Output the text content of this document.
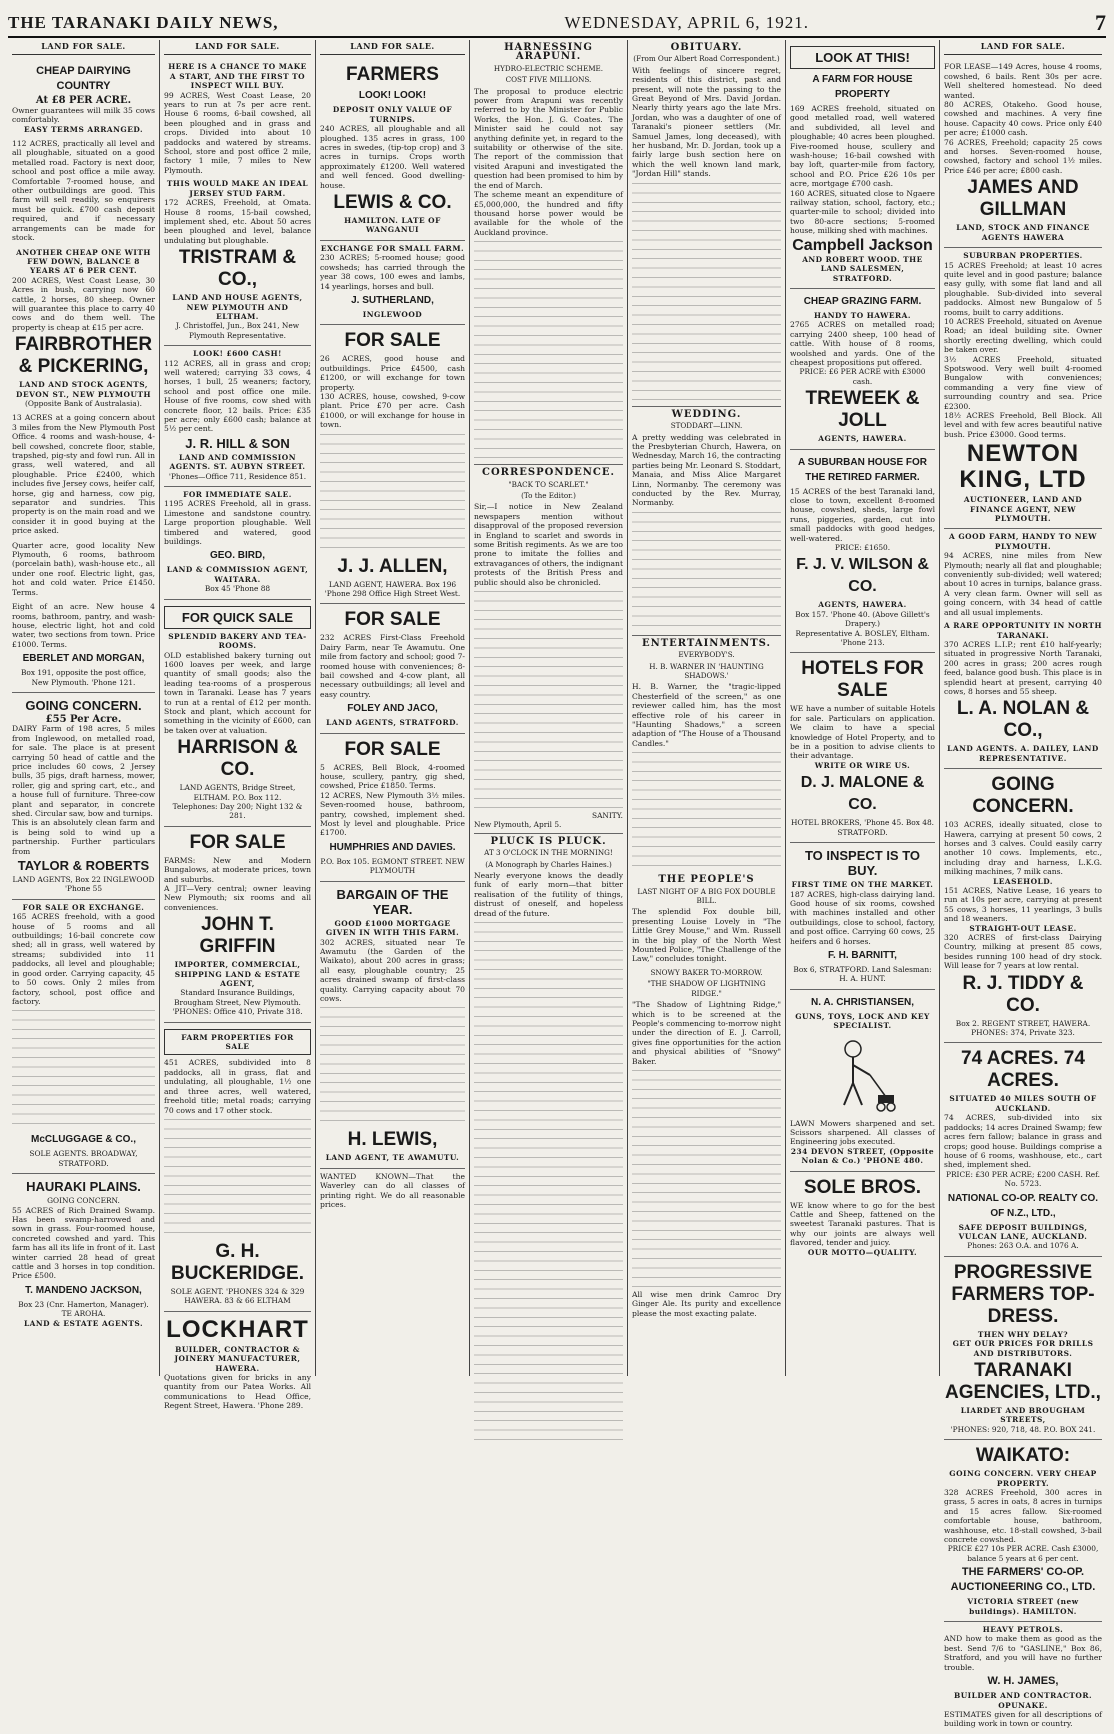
THE TARANAKI DAILY NEWS,	WEDNESDAY, APRIL 6, 1921.	7
LAND FOR SALE.
CHEAP DAIRYING COUNTRY
At £8 PER ACRE.

Owner guarantees will milk 35 cows comfortably.

EASY TERMS ARRANGED.

112 ACRES, practically all level and all ploughable, situated on a good metalled road. Factory is next door, school and post office a mile away. Comfortable 7-roomed house, and other outbuildings are good. This farm will sell readily, so enquirers must be quick. £700 cash deposit required, and if necessary arrangements can be made for stock.

ANOTHER CHEAP ONE WITH FEW DOWN, BALANCE 8 YEARS AT 6 PER CENT.

200 ACRES, West Coast Lease, 30 Acres in bush, carrying now 60 cattle, 2 horses, 80 sheep. Owner will guarantee this place to carry 40 cows and do them well. The property is cheap at £15 per acre.

FAIRBROTHER & PICKERING,
LAND AND STOCK AGENTS, DEVON ST., NEW PLYMOUTH
(Opposite Bank of Australasia).

13 ACRES at a going concern about 3 miles from the New Plymouth Post Office. 4 rooms and wash-house, 4-bell cowshed, concrete floor, stable, trapshed, pig-sty and fowl run. All in grass, well watered, and all ploughable. Price £2400, which includes five Jersey cows, heifer calf, horse, gig and harness, cow pig, separator and sundries. This property is on the main road and we consider it in good buying at the price asked.

Quarter acre, good locality New Plymouth, 6 rooms, bathroom (porcelain bath), wash-house etc., all under one roof. Electric light, gas, hot and cold water. Price £1450. Terms.

Eight of an acre. New house 4 rooms, bathroom, pantry, and wash-house, electric light, hot and cold water, two sections from town. Price £1000. Terms.

EBERLET AND MORGAN,
Box 191, opposite the post office, New Plymouth. 'Phone 121.
GOING CONCERN.
£55 Per Acre.

DAIRY Farm of 198 acres, 5 miles from Inglewood, on metalled road, for sale. The place is at present carrying 50 head of cattle and the price includes 60 cows, 2 Jersey bulls, 35 pigs, draft harness, mower, roller, gig and spring cart, etc., and a house full of furniture. Three-cow plant and separator, in concrete shed. Circular saw, bow and turnips.

This is an absolutely clean farm and is being sold to wind up a partnership. Further particulars from

TAYLOR & ROBERTS
LAND AGENTS, Box 22 INGLEWOOD 'Phone 55
FOR SALE OR EXCHANGE.

165 ACRES freehold, with a good house of 5 rooms and all outbuildings; 16-bail concrete cow shed; all in grass, well watered by streams; subdivided into 11 paddocks, all level and ploughable; in good order. Carrying capacity, 45 to 50 cows. Only 2 miles from factory, school, post office and factory.

McCLUGGAGE & CO.,
SOLE AGENTS. BROADWAY, STRATFORD.
HAURAKI PLAINS.
GOING CONCERN.

55 ACRES of Rich Drained Swamp. Has been swamp-harrowed and sown in grass. Four-roomed house, concreted cowshed and yard. This farm has all its life in front of it. Last winter carried 28 head of great cattle and 3 horses in top condition. Price £500.

T. MANDENO JACKSON,
Box 23 (Cnr. Hamerton, Manager). TE AROHA.
LAND & ESTATE AGENTS.
LAND FOR SALE.
HERE IS A CHANCE TO MAKE A START, AND THE FIRST TO INSPECT WILL BUY.

99 ACRES, West Coast Lease, 20 years to run at 7s per acre rent. House 6 rooms, 6-bail cowshed, all been ploughed and in grass and crops. Divided into about 10 paddocks and watered by streams. School, store and post office 2 mile, factory 1 mile, 7 miles to New Plymouth.

THIS WOULD MAKE AN IDEAL JERSEY STUD FARM.

172 ACRES, Freehold, at Omata. House 8 rooms, 15-bail cowshed, implement shed, etc. About 50 acres been ploughed and level, balance undulating but ploughable.

TRISTRAM & CO.,
LAND AND HOUSE AGENTS, NEW PLYMOUTH AND ELTHAM.
J. Christoffel, Jun., Box 241, New Plymouth Representative.
LOOK! £600 CASH!

112 ACRES, all in grass and crop; well watered; carrying 33 cows, 4 horses, 1 bull, 25 weaners; factory, school and post office one mile. House of five rooms, cow shed with concrete floor, 12 bails. Price: £35 per acre; only £600 cash; balance at 5½ per cent.

J. R. HILL & SON
LAND AND COMMISSION AGENTS. ST. AUBYN STREET.
'Phones—Office 711, Residence 851.
FOR IMMEDIATE SALE.

1195 ACRES Freehold, all in grass. Limestone and sandstone country. Large proportion ploughable. Well timbered and watered, good buildings.

GEO. BIRD,
LAND & COMMISSION AGENT, WAITARA.
Box 45 'Phone 88
FOR QUICK SALE
SPLENDID BAKERY AND TEA-ROOMS.

OLD established bakery turning out 1600 loaves per week, and large quantity of small goods; also the leading tea-rooms of a prosperous town in Taranaki. Lease has 7 years to run at a rental of £12 per month. Stock and plant, which account for something in the vicinity of £600, can be taken over at valuation.

HARRISON & CO.
LAND AGENTS, Bridge Street, ELTHAM. P.O. Box 112.
Telephones: Day 200; Night 132 & 281.
FOR SALE

FARMS: New and Modern Bungalows, at moderate prices, town and suburbs.

A JIT—Very central; owner leaving New Plymouth; six rooms and all conveniences.

JOHN T. GRIFFIN
IMPORTER, COMMERCIAL, SHIPPING LAND & ESTATE AGENT,
Standard Insurance Buildings, Brougham Street, New Plymouth. 'PHONES: Office 410, Private 318.
FARM PROPERTIES FOR SALE

451 ACRES, subdivided into 8 paddocks, all in grass, flat and undulating, all ploughable, 1½ one and three acres, well watered, freehold title; metal roads; carrying 70 cows and 17 other stock.

G. H. BUCKERIDGE.
SOLE AGENT. 'PHONES 324 & 329 HAWERA. 83 & 66 ELTHAM
LOCKHART
BUILDER, CONTRACTOR & JOINERY MANUFACTURER, HAWERA.

Quotations given for bricks in any quantity from our Patea Works. All communications to Head Office, Regent Street, Hawera. 'Phone 289.

LAND FOR SALE.
FARMERS
LOOK! LOOK!
DEPOSIT ONLY VALUE OF TURNIPS.

240 ACRES, all ploughable and all ploughed. 135 acres in grass, 100 acres in swedes, (tip-top crop) and 3 acres in turnips. Crops worth approximately £1200. Well watered and well fenced. Good dwelling-house.

LEWIS & CO.
HAMILTON. LATE OF WANGANUI
EXCHANGE FOR SMALL FARM.

230 ACRES; 5-roomed house; good cowsheds; has carried through the year 38 cows, 100 ewes and lambs, 14 yearlings, horses and bull.

J. SUTHERLAND,
INGLEWOOD
FOR SALE

26 ACRES, good house and outbuildings. Price £4500, cash £1200, or will exchange for town property.

130 ACRES, house, cowshed, 9-cow plant. Price £70 per acre. Cash £1000, or will exchange for house in town.

J. J. ALLEN,
LAND AGENT, HAWERA. Box 196 'Phone 298 Office High Street West.
FOR SALE

232 ACRES First-Class Freehold Dairy Farm, near Te Awamutu. One mile from factory and school; good 7-roomed house with conveniences; 8-bail cowshed and 4-cow plant, all necessary outbuildings; all level and easy country.

FOLEY AND JACO,
LAND AGENTS, STRATFORD.
FOR SALE

5 ACRES, Bell Block, 4-roomed house, scullery, pantry, gig shed, cowshed, Price £1850. Terms.

12 ACRES, New Plymouth 3½ miles. Seven-roomed house, bathroom, pantry, cowshed, implement shed. Most ly level and ploughable. Price £1700.

HUMPHRIES AND DAVIES.
P.O. Box 105. EGMONT STREET. NEW PLYMOUTH
BARGAIN OF THE YEAR.
GOOD £1000 MORTGAGE GIVEN IN WITH THIS FARM.

302 ACRES, situated near Te Awamutu (the Garden of the Waikato), about 200 acres in grass; all easy, ploughable country; 25 acres drained swamp of first-class quality. Carrying capacity about 70 cows.

H. LEWIS,
LAND AGENT, TE AWAMUTU.

WANTED KNOWN—That the Waverley can do all classes of printing right. We do all reasonable prices.

HARNESSING ARAPUNI.
HYDRO-ELECTRIC SCHEME.
COST FIVE MILLIONS.

The proposal to produce electric power from Arapuni was recently referred to by the Minister for Public Works, the Hon. J. G. Coates. The Minister said he could not say anything definite yet, in regard to the suitability or otherwise of the site. The report of the commission that visited Arapuni and investigated the question had been promised to him by the end of March.

The scheme meant an expenditure of £5,000,000, the hundred and fifty thousand horse power would be available for the whole of the Auckland province.

CORRESPONDENCE.
"BACK TO SCARLET."
(To the Editor.)

Sir,—I notice in New Zealand newspapers mention without disapproval of the proposed reversion in England to scarlet and swords in some British regiments. As we are too prone to imitate the follies and extravagances of others, the indignant protests of the British Press and public should also be chronicled.

SANITY.
New Plymouth, April 5.
PLUCK IS PLUCK.
AT 3 O'CLOCK IN THE MORNING!
(A Monograph by Charles Haines.)

Nearly everyone knows the deadly funk of early morn—that bitter realisation of the futility of things, distrust of oneself, and hopeless dread of the future.

OBITUARY.
(From Our Albert Road Correspondent.)

With feelings of sincere regret, residents of this district, past and present, will note the passing to the Great Beyond of Mrs. David Jordan. Nearly thirty years ago the late Mrs. Jordan, who was a daughter of one of Taranaki's pioneer settlers (Mr. Samuel James, long deceased), with her husband, Mr. D. Jordan, took up a fairly large bush section here on which the well known land mark, "Jordan Hill" stands.

WEDDING.
STODDART—LINN.

A pretty wedding was celebrated in the Presbyterian Church, Hawera, on Wednesday, March 16, the contracting parties being Mr. Leonard S. Stoddart, Manaia, and Miss Alice Margaret Linn, Normanby. The ceremony was conducted by the Rev. Murray, Normanby.

ENTERTAINMENTS.
EVERYBODY'S.
H. B. WARNER IN 'HAUNTING SHADOWS.'

H. B. Warner, the "tragic-lipped Chesterfield of the screen," as one reviewer called him, has the most effective role of his career in "Haunting Shadows," a screen adaption of "The House of a Thousand Candles."

THE PEOPLE'S
LAST NIGHT OF A BIG FOX DOUBLE BILL.

The splendid Fox double bill, presenting Louise Lovely in "The Little Grey Mouse," and Wm. Russell in the big play of the North West Mounted Police, "The Challenge of the Law," concludes tonight.

SNOWY BAKER TO-MORROW.
"THE SHADOW OF LIGHTNING RIDGE."

"The Shadow of Lightning Ridge," which is to be screened at the People's commencing to-morrow night under the direction of E. J. Carroll, gives fine opportunities for the action and physical abilities of "Snowy" Baker.

All wise men drink Camroc Dry Ginger Ale. Its purity and excellence please the most exacting palate.

LOOK AT THIS!
A FARM FOR HOUSE PROPERTY

169 ACRES freehold, situated on good metalled road, well watered and subdivided, all level and ploughable; 40 acres been ploughed. Five-roomed house, scullery and wash-house; 16-bail cowshed with bay loft, quarter-mile from factory, school and P.O. Price £26 10s per acre, mortgage £700 cash.

160 ACRES, situated close to Ngaere railway station, school, factory, etc.; quarter-mile to school; divided into two 80-acre sections; 5-roomed house, milking shed with machines.

Campbell Jackson
AND ROBERT WOOD. THE LAND SALESMEN, STRATFORD.
CHEAP GRAZING FARM.
HANDY TO HAWERA.

2765 ACRES on metalled road; carrying 2400 sheep, 100 head of cattle. With house of 8 rooms, woolshed and yards. One of the cheapest propositions put offered.

PRICE: £6 PER ACRE with £3000 cash.
TREWEEK & JOLL
AGENTS, HAWERA.
A SUBURBAN HOUSE FOR THE RETIRED FARMER.

15 ACRES of the best Taranaki land, close to town, excellent 8-roomed house, cowshed, sheds, large fowl runs, piggeries, garden, cut into small paddocks with good hedges, well-watered.

PRICE: £1650.
F. J. V. WILSON & CO.
AGENTS, HAWERA.
Box 157. 'Phone 40. (Above Gillett's Drapery.)
Representative A. BOSLEY, Eltham. 'Phone 213.
HOTELS FOR SALE

WE have a number of suitable Hotels for sale. Particulars on application. We claim to have a special knowledge of Hotel Property, and to be in a position to advise clients to their advantage.

WRITE OR WIRE US.
D. J. MALONE & CO.
HOTEL BROKERS, 'Phone 45. Box 48. STRATFORD.
TO INSPECT IS TO BUY.
FIRST TIME ON THE MARKET.

187 ACRES, high-class dairying land. Good house of six rooms, cowshed with machines installed and other outbuildings, close to school, factory, and post office. Carrying 60 cows, 25 heifers and 6 horses.

F. H. BARNITT,
Box 6, STRATFORD. Land Salesman: H. A. HUNT.
N. A. CHRISTIANSEN,
GUNS, TOYS, LOCK AND KEY SPECIALIST.

LAWN Mowers sharpened and set. Scissors sharpened. All classes of Engineering jobs executed.

234 DEVON STREET, (Opposite Nolan & Co.) 'PHONE 480.
SOLE BROS.

WE know where to go for the best Cattle and Sheep, fattened on the sweetest Taranaki pastures. That is why our joints are always well flavored, tender and juicy.

OUR MOTTO—QUALITY.
LAND FOR SALE.

FOR LEASE—149 Acres, house 4 rooms, cowshed, 6 bails. Rent 30s per acre. Well sheltered homestead. No deed wanted.

80 ACRES, Otakeho. Good house, cowshed and machines. A very fine house. Capacity 40 cows. Price only £40 per acre; £1000 cash.

76 ACRES, Freehold; capacity 25 cows and horses. Seven-roomed house, cowshed, factory and school 1½ miles. Price £46 per acre; £800 cash.

JAMES AND GILLMAN
LAND, STOCK AND FINANCE AGENTS HAWERA
SUBURBAN PROPERTIES.

15 ACRES Freehold; at least 10 acres quite level and in good pasture; balance easy gully, with some flat land and all ploughable. Sub-divided into several paddocks. Almost new Bungalow of 5 rooms, built to carry additions.

10 ACRES Freehold, situated on Avenue Road; an ideal building site. Owner shortly erecting dwelling, which could be taken over.

3½ ACRES Freehold, situated Spotswood. Very well built 4-roomed Bungalow with conveniences; commanding a very fine view of surrounding country and sea. Price £2300.

18½ ACRES Freehold, Bell Block. All level and with few acres beautiful native bush. Price £3000. Good terms.

NEWTON KING, LTD
AUCTIONEER, LAND AND FINANCE AGENT, NEW PLYMOUTH.
A GOOD FARM, HANDY TO NEW PLYMOUTH.

94 ACRES, nine miles from New Plymouth; nearly all flat and ploughable; conveniently sub-divided; well watered; about 10 acres in turnips, balance grass. A very clean farm. Owner will sell as going concern, with 34 head of cattle and all usual implements.

A RARE OPPORTUNITY IN NORTH TARANAKI.

370 ACRES L.I.P.; rent £10 half-yearly; situated in progressive North Taranaki, 200 acres in grass; 200 acres rough feed, balance good bush. This place is in splendid heart at present, carrying 40 cows, 8 horses and 55 sheep.

L. A. NOLAN & CO.,
LAND AGENTS. A. DAILEY, LAND REPRESENTATIVE.
GOING CONCERN.

103 ACRES, ideally situated, close to Hawera, carrying at present 50 cows, 2 horses and 3 calves. Could easily carry another 10 cows. Implements, etc., including dray and harness, L.K.G. milking machines, 7 milk cans.

LEASEHOLD.

151 ACRES, Native Lease, 16 years to run at 10s per acre, carrying at present 55 cows, 3 horses, 11 yearlings, 3 bulls and 18 weaners.

STRAIGHT-OUT LEASE.

320 ACRES of first-class Dairying Country, milking at present 85 cows, besides running 100 head of dry stock. Will lease for 7 years at low rental.

R. J. TIDDY & CO.
Box 2. REGENT STREET, HAWERA. PHONES: 374, Private 323.
74 ACRES. 74 ACRES.
SITUATED 40 MILES SOUTH OF AUCKLAND.

74 ACRES, sub-divided into six paddocks; 14 acres Drained Swamp; few acres fern fallow; balance in grass and crops; good house. Buildings comprise a house of 6 rooms, washhouse, etc., cart shed, implement shed.

PRICE: £30 PER ACRE; £200 CASH. Ref. No. 5723.
NATIONAL CO-OP. REALTY CO. OF N.Z., LTD.,
SAFE DEPOSIT BUILDINGS, VULCAN LANE, AUCKLAND.
Phones: 263 O.A. and 1076 A.
PROGRESSIVE FARMERS TOP-DRESS.
THEN WHY DELAY?
GET OUR PRICES FOR DRILLS AND DISTRIBUTORS.
TARANAKI AGENCIES, LTD.,
LIARDET AND BROUGHAM STREETS,
'PHONES: 920, 718, 48. P.O. BOX 241.
WAIKATO:
GOING CONCERN. VERY CHEAP PROPERTY.

328 ACRES Freehold, 300 acres in grass, 5 acres in oats, 8 acres in turnips and 15 acres fallow. Six-roomed comfortable house, bathroom, washhouse, etc. 18-stall cowshed, 3-bail concrete cowshed.

PRICE £27 10s PER ACRE. Cash £3000, balance 5 years at 6 per cent.
THE FARMERS' CO-OP. AUCTIONEERING CO., LTD.
VICTORIA STREET (new buildings). HAMILTON.
HEAVY PETROLS.

AND how to make them as good as the best. Send 7/6 to "GASLINE," Box 86, Stratford, and you will have no further trouble.

W. H. JAMES,
BUILDER AND CONTRACTOR. OPUNAKE.

ESTIMATES given for all descriptions of building work in town or country.
